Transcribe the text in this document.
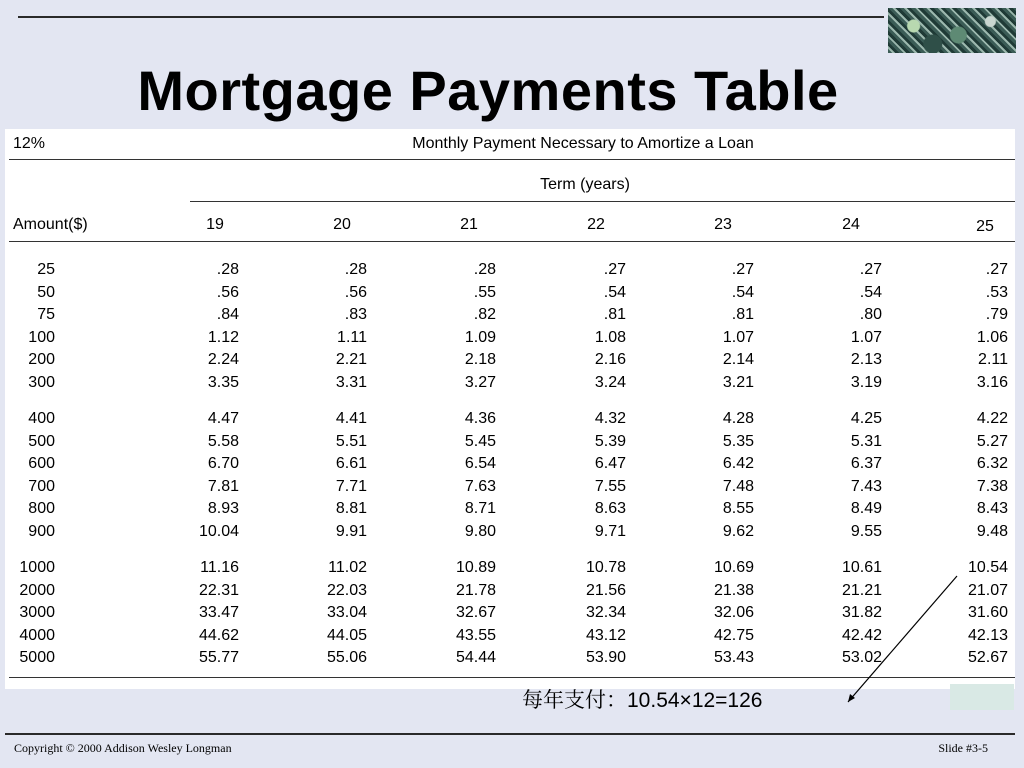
Mortgage Payments Table
12%	Monthly Payment Necessary to Amortize a Loan
Term (years)
Amount($)	19	20	21	22	23	24	25
25	.28	.28	.28	.27	.27	.27	.27
50	.56	.56	.55	.54	.54	.54	.53
75	.84	.83	.82	.81	.81	.80	.79
100	1.12	1.11	1.09	1.08	1.07	1.07	1.06
200	2.24	2.21	2.18	2.16	2.14	2.13	2.11
300	3.35	3.31	3.27	3.24	3.21	3.19	3.16
400	4.47	4.41	4.36	4.32	4.28	4.25	4.22
500	5.58	5.51	5.45	5.39	5.35	5.31	5.27
600	6.70	6.61	6.54	6.47	6.42	6.37	6.32
700	7.81	7.71	7.63	7.55	7.48	7.43	7.38
800	8.93	8.81	8.71	8.63	8.55	8.49	8.43
900	10.04	9.91	9.80	9.71	9.62	9.55	9.48
1000	11.16	11.02	10.89	10.78	10.69	10.61	10.54
2000	22.31	22.03	21.78	21.56	21.38	21.21	21.07
3000	33.47	33.04	32.67	32.34	32.06	31.82	31.60
4000	44.62	44.05	43.55	43.12	42.75	42.42	42.13
5000	55.77	55.06	54.44	53.90	53.43	53.02	52.67
每年支付：10.54×12=126
Copyright © 2000 Addison Wesley Longman	Slide #3-5
